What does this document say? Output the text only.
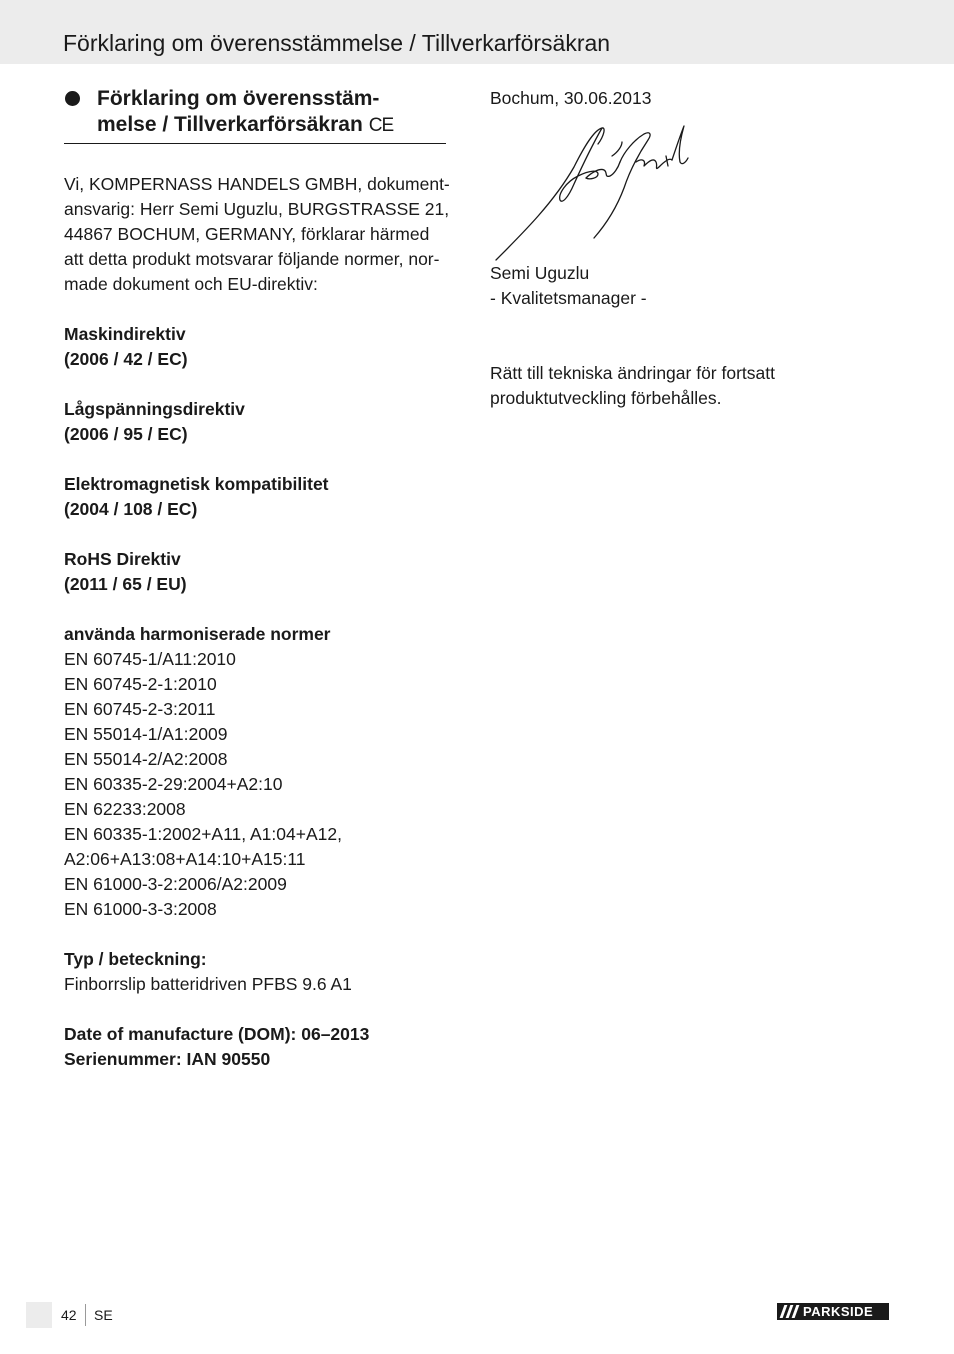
Förklaring om överensstämmelse / Tillverkarförsäkran
Förklaring om överensstäm-
melse / Tillverkarförsäkran CE
Vi, KOMPERNASS HANDELS GMBH, dokument-
ansvarig: Herr Semi Uguzlu, BURGSTRASSE 21,
44867 BOCHUM, GERMANY, förklarar härmed
att detta produkt motsvarar följande normer, nor-
made dokument och EU-direktiv:
Maskindirektiv
(2006 / 42 / EC)
Lågspänningsdirektiv
(2006 / 95 / EC)
Elektromagnetisk kompatibilitet
(2004 / 108 / EC)
RoHS Direktiv
(2011 / 65 / EU)
använda harmoniserade normer
EN 60745-1/A11:2010
EN 60745-2-1:2010
EN 60745-2-3:2011
EN 55014-1/A1:2009
EN 55014-2/A2:2008
EN 60335-2-29:2004+A2:10
EN 62233:2008
EN 60335-1:2002+A11, A1:04+A12,
A2:06+A13:08+A14:10+A15:11
EN 61000-3-2:2006/A2:2009
EN 61000-3-3:2008
Typ / beteckning:
Finborrslip batteridriven PFBS 9.6 A1
Date of manufacture (DOM): 06–2013
Serienummer: IAN 90550
Bochum, 30.06.2013
Semi Uguzlu
- Kvalitetsmanager -
Rätt till tekniska ändringar för fortsatt
produktutveckling förbehålles.
42 SE	PARKSIDE
